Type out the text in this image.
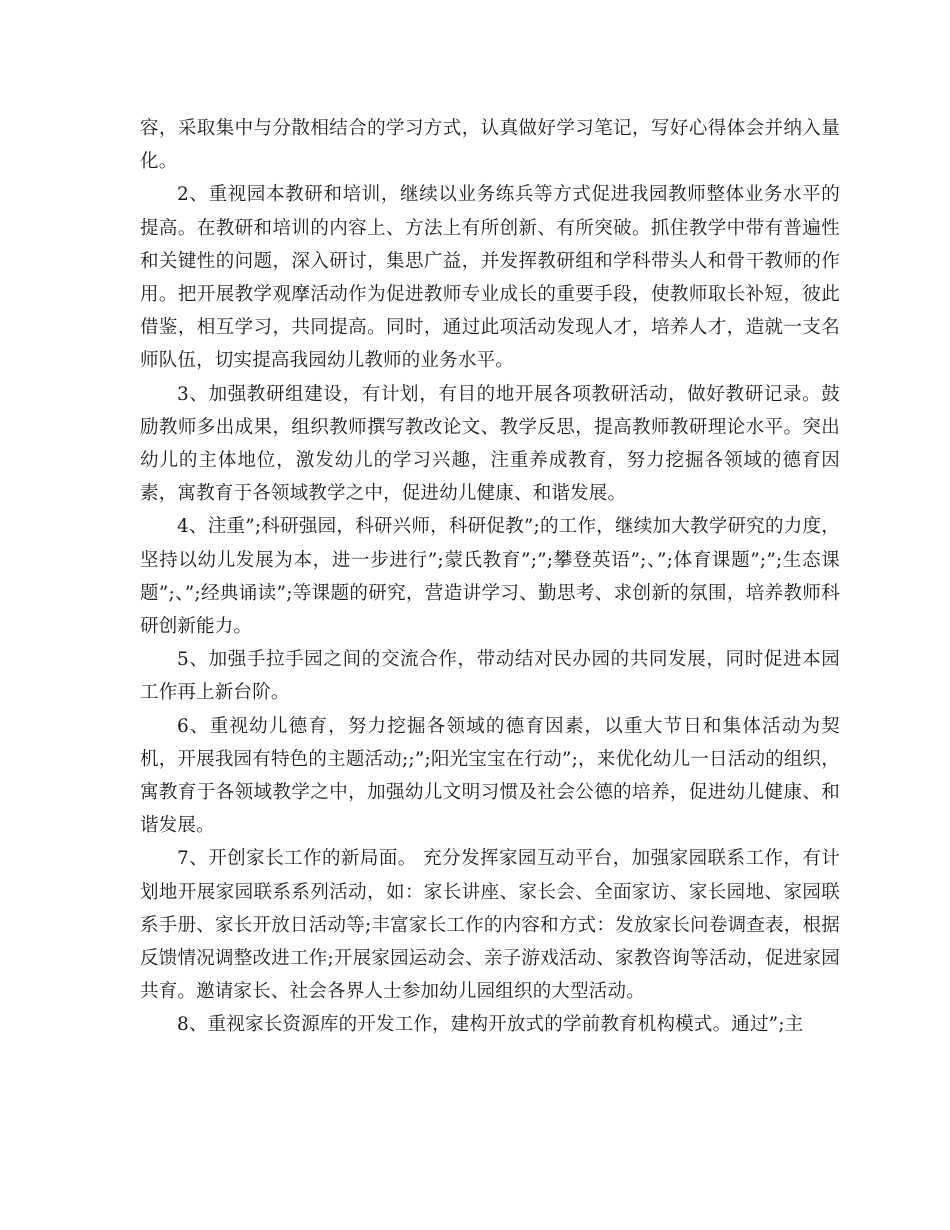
容，采取集中与分散相结合的学习方式，认真做好学习笔记，写好心得体会并纳入量化。

2、重视园本教研和培训，继续以业务练兵等方式促进我园教师整体业务水平的提高。在教研和培训的内容上、方法上有所创新、有所突破。抓住教学中带有普遍性和关键性的问题，深入研讨，集思广益，并发挥教研组和学科带头人和骨干教师的作用。把开展教学观摩活动作为促进教师专业成长的重要手段，使教师取长补短，彼此借鉴，相互学习，共同提高。同时，通过此项活动发现人才，培养人才，造就一支名师队伍，切实提高我园幼儿教师的业务水平。

3、加强教研组建设，有计划，有目的地开展各项教研活动，做好教研记录。鼓励教师多出成果，组织教师撰写教改论文、教学反思，提高教师教研理论水平。突出幼儿的主体地位，激发幼儿的学习兴趣，注重养成教育，努力挖掘各领域的德育因素，寓教育于各领域教学之中，促进幼儿健康、和谐发展。

4、注重”;科研强园，科研兴师，科研促教”;的工作，继续加大教学研究的力度，坚持以幼儿发展为本，进一步进行”;蒙氏教育”;”;攀登英语”;、”;体育课题”;”;生态课题”;、”;经典诵读”;等课题的研究，营造讲学习、勤思考、求创新的氛围，培养教师科研创新能力。

5、加强手拉手园之间的交流合作，带动结对民办园的共同发展，同时促进本园工作再上新台阶。

6、重视幼儿德育，努力挖掘各领域的德育因素，以重大节日和集体活动为契机，开展我园有特色的主题活动;;”;阳光宝宝在行动”;，来优化幼儿一日活动的组织，寓教育于各领域教学之中，加强幼儿文明习惯及社会公德的培养，促进幼儿健康、和谐发展。

7、开创家长工作的新局面。 充分发挥家园互动平台，加强家园联系工作，有计划地开展家园联系系列活动，如：家长讲座、家长会、全面家访、家长园地、家园联系手册、家长开放日活动等;丰富家长工作的内容和方式：发放家长问卷调查表，根据反馈情况调整改进工作;开展家园运动会、亲子游戏活动、家教咨询等活动，促进家园共育。邀请家长、社会各界人士参加幼儿园组织的大型活动。

8、重视家长资源库的开发工作，建构开放式的学前教育机构模式。通过”;主
